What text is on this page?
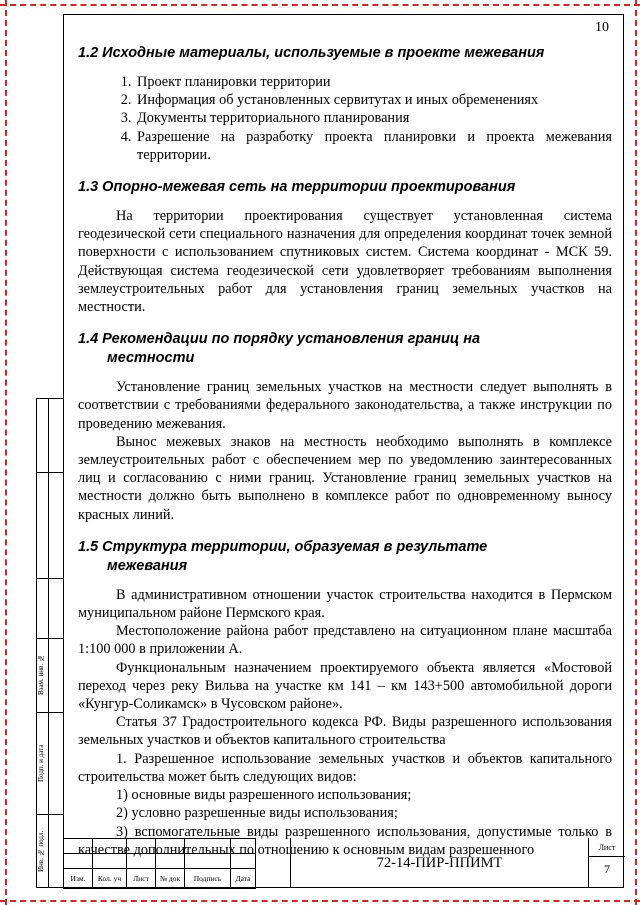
10
1.2 Исходные материалы, используемые в проекте межевания
1. Проект планировки территории
2. Информация об установленных сервитутах и иных обременениях
3. Документы территориального планирования
4. Разрешение на разработку проекта планировки и проекта межевания территории.
1.3 Опорно-межевая сеть на территории проектирования

На территории проектирования существует установленная система геодезической сети специального назначения для определения координат точек земной поверхности с использованием спутниковых систем. Система координат - МСК 59. Действующая система геодезической сети удовлетворяет требованиям выполнения землеустроительных работ для установления границ земельных участков на местности.

1.4 Рекомендации по порядку установления границ на
местности

Установление границ земельных участков на местности следует выполнять в соответствии с требованиями федерального законодательства, а также инструкции по проведению межевания.

Вынос межевых знаков на местность необходимо выполнять в комплексе землеустроительных работ с обеспечением мер по уведомлению заинтересованных лиц и согласованию с ними границ. Установление границ земельных участков на местности должно быть выполнено в комплексе работ по одновременному выносу красных линий.

1.5 Структура территории, образуемая в результате
межевания

В административном отношении участок строительства находится в Пермском муниципальном районе Пермского края.

Местоположение района работ представлено на ситуационном плане масштаба 1:100 000 в приложении А.

Функциональным назначением проектируемого объекта является «Мостовой переход через реку Вильва на участке км 141 – км 143+500 автомобильной дороги «Кунгур-Соликамск» в Чусовском районе».

Статья 37 Градостроительного кодекса РФ. Виды разрешенного использования земельных участков и объектов капитального строительства

1. Разрешенное использование земельных участков и объектов капитального строительства может быть следующих видов:

1) основные виды разрешенного использования;

2) условно разрешенные виды использования;

3) вспомогательные виды разрешенного использования, допустимые только в качестве дополнительных по отношению к основным видам разрешенного

Взам. инв. №
Подп. и дата
Инв. № подл.

Изм.	Кол. уч	Лист	№ док	Подпись	Дата
72-14-ПИР-ППИМТ
Лист
7
